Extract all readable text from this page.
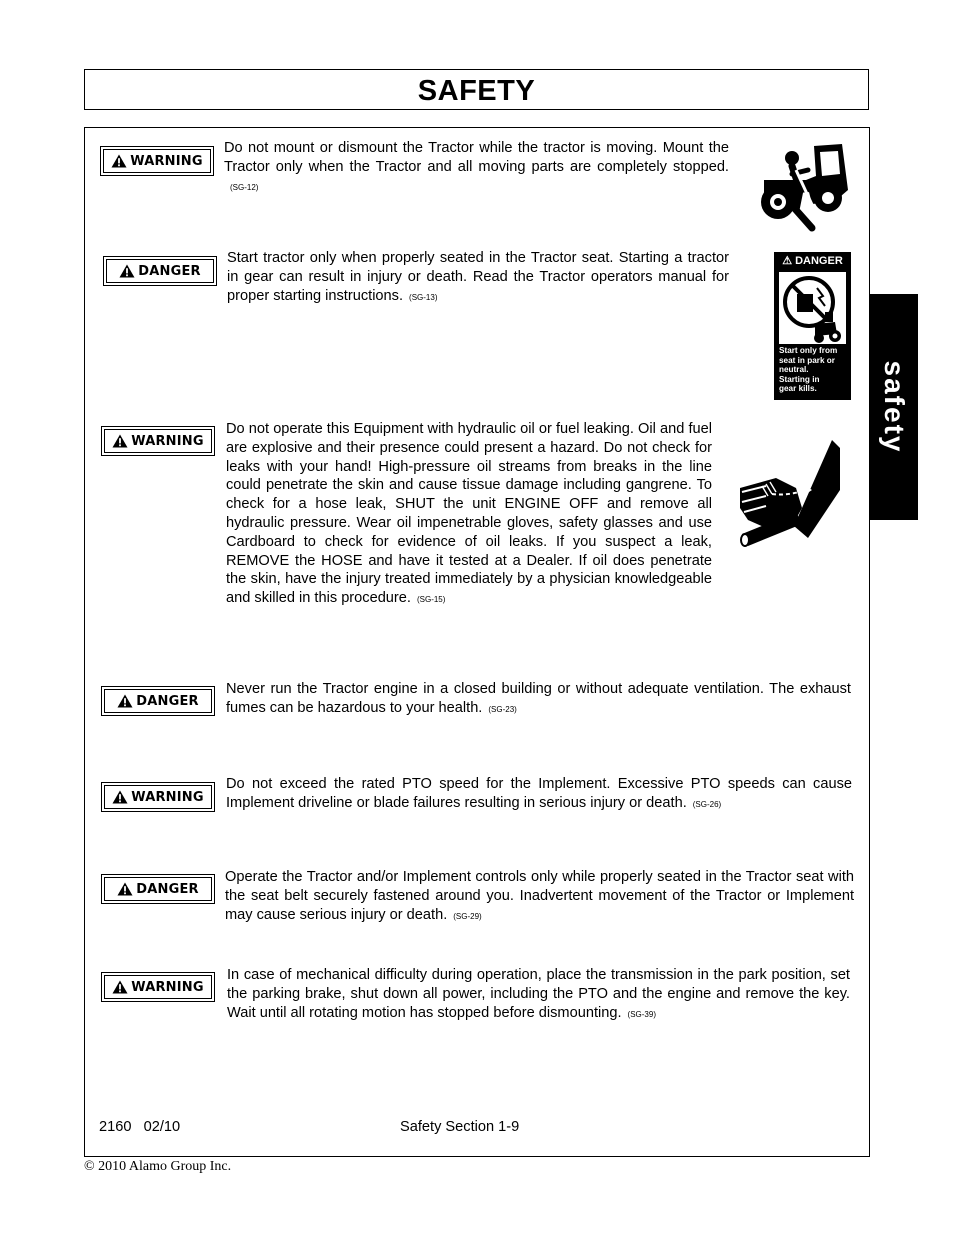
SAFETY
safety
WARNING
Do not mount or dismount the Tractor while the tractor is moving. Mount the Tractor only when the Tractor and all moving parts are completely stopped.(SG-12)
DANGER
Start tractor only when properly seated in the Tractor seat. Starting a tractor in gear can result in injury or death. Read the Tractor operators manual for proper starting instructions. (SG-13)
⚠ DANGER
Start only from
seat in park or
neutral.
Starting in
gear kills.
WARNING
Do not operate this Equipment with hydraulic oil or fuel leaking. Oil and fuel are explosive and their presence could present a hazard. Do not check for leaks with your hand! High-pressure oil streams from breaks in the line could penetrate the skin and cause tissue damage including gangrene. To check for a hose leak, SHUT the unit ENGINE OFF and remove all hydraulic pressure. Wear oil impenetrable gloves, safety glasses and use Cardboard to check for evidence of oil leaks. If you suspect a leak, REMOVE the HOSE and have it tested at a Dealer. If oil does penetrate the skin, have the injury treated immediately by a physician knowledgeable and skilled in this procedure. (SG-15)
DANGER
Never run the Tractor engine in a closed building or without adequate ventilation. The exhaust fumes can be hazardous to your health. (SG-23)
WARNING
Do not exceed the rated PTO speed for the Implement. Excessive PTO speeds can cause Implement driveline or blade failures resulting in serious injury or death. (SG-26)
DANGER
Operate the Tractor and/or Implement controls only while properly seated in the Tractor seat with the seat belt securely fastened around you. Inadvertent movement of the Tractor or Implement may cause serious injury or death. (SG-29)
WARNING
In case of mechanical difficulty during operation, place the transmission in the park position, set the parking brake, shut down all power, including the PTO and the engine and remove the key. Wait until all rotating motion has stopped before dismounting. (SG-39)
2160   02/10	Safety Section 1-9
© 2010 Alamo Group Inc.
